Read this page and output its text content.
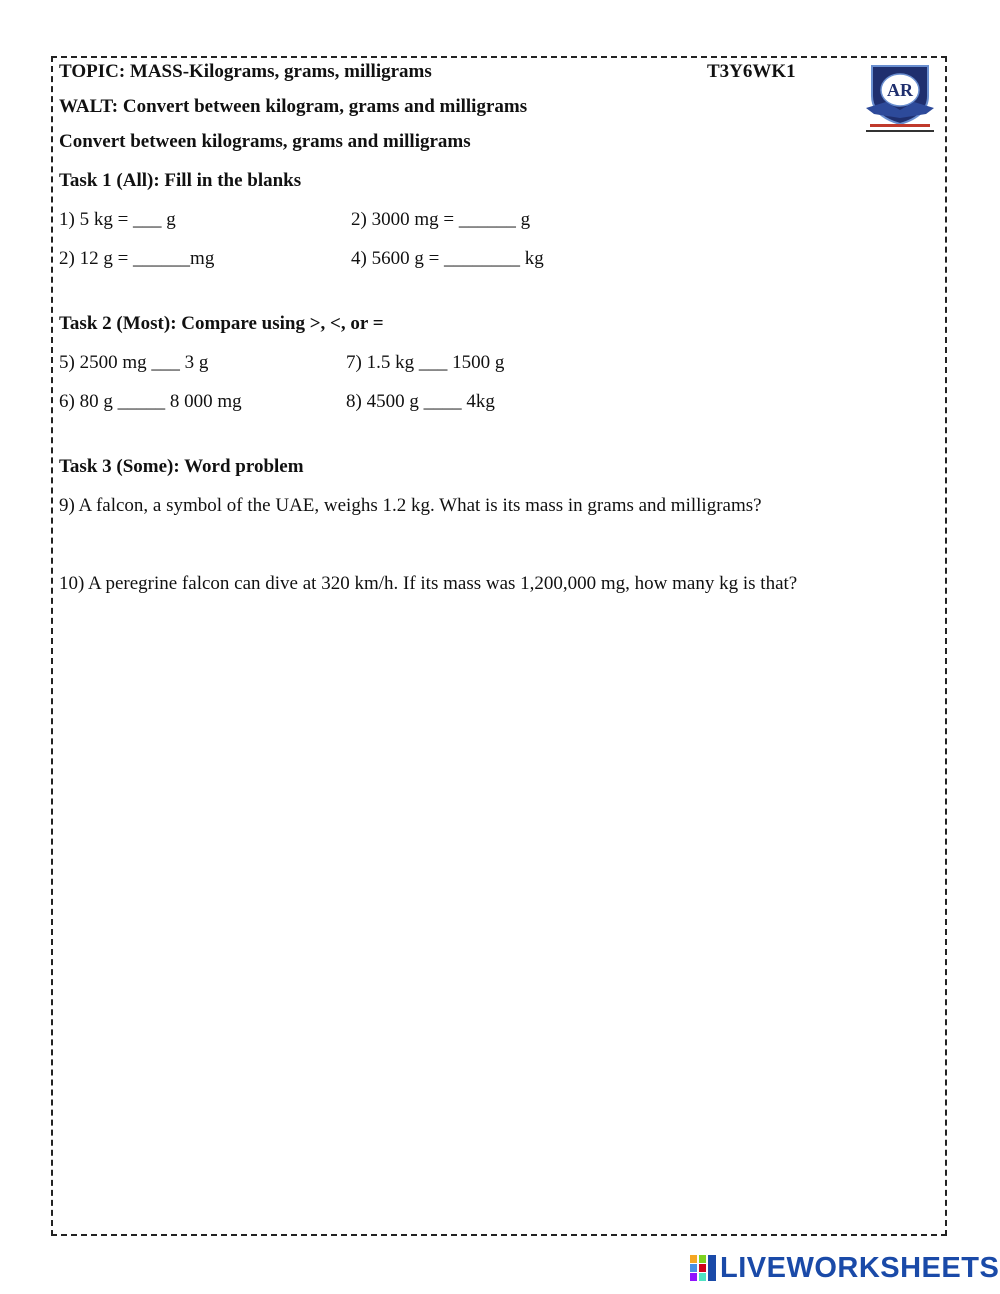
TOPIC: MASS-Kilograms, grams, milligrams	T3Y6WK1
AR
WALT: Convert between kilogram, grams and milligrams
Convert between kilograms, grams and milligrams
Task 1 (All): Fill in the blanks
1) 5 kg = ___ g	2) 3000 mg = ______ g
2) 12 g = ______mg	4) 5600 g = ________ kg
Task 2 (Most): Compare using >, <, or =
5) 2500 mg ___ 3 g	7) 1.5 kg ___ 1500 g
6) 80 g _____ 8 000 mg	8) 4500 g ____ 4kg
Task 3 (Some): Word problem
9) A falcon, a symbol of the UAE, weighs 1.2 kg. What is its mass in grams and milligrams?
10) A peregrine falcon can dive at 320 km/h. If its mass was 1,200,000 mg, how many kg is that?
LIVEWORKSHEETS
